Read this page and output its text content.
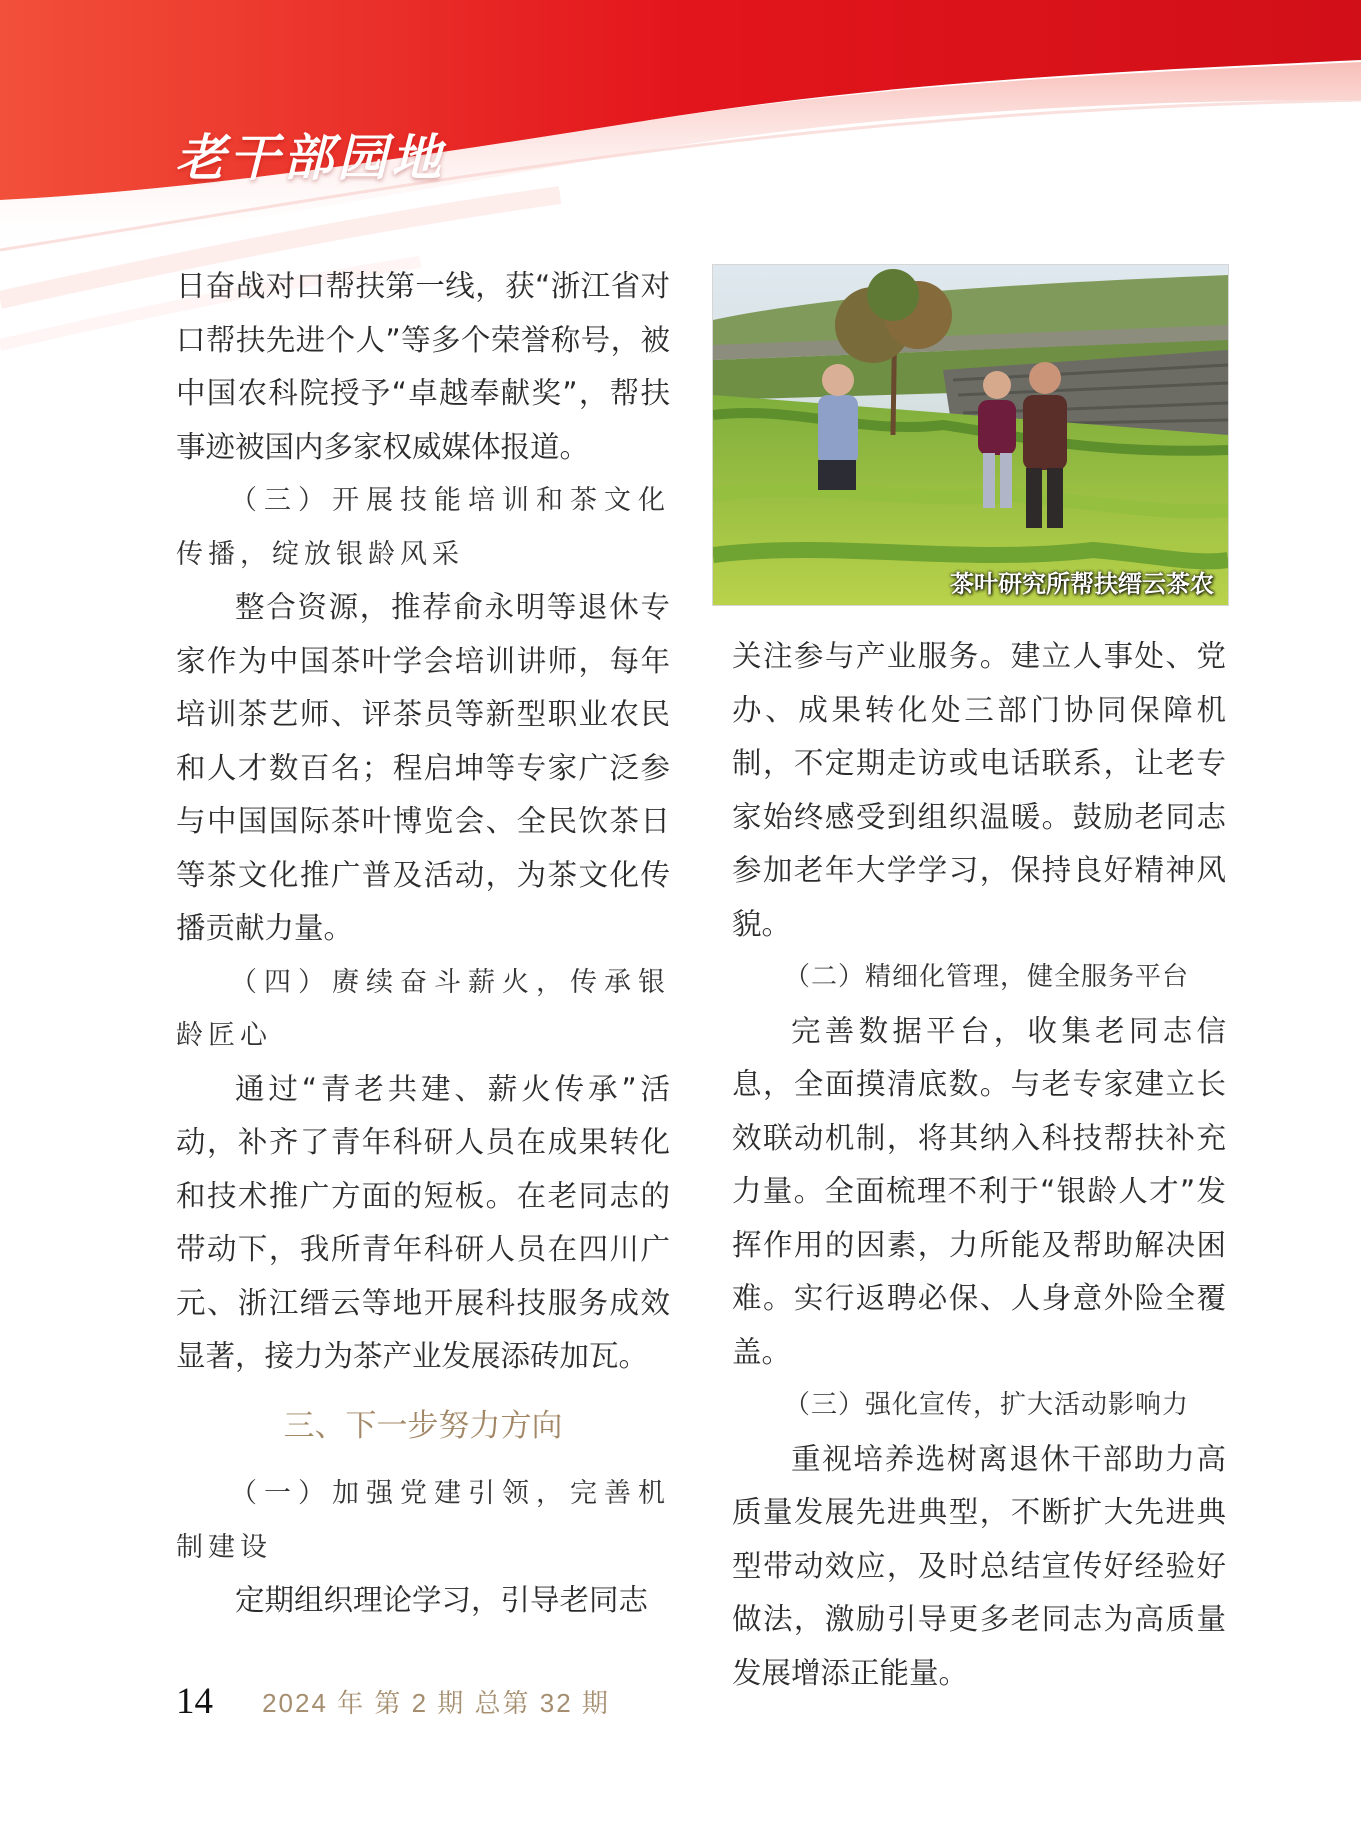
老干部园地

日奋战对口帮扶第一线，获“浙江省对口帮扶先进个人”等多个荣誉称号，被中国农科院授予“卓越奉献奖”，帮扶事迹被国内多家权威媒体报道。

（三）开展技能培训和茶文化传播，绽放银龄风采

整合资源，推荐俞永明等退休专家作为中国茶叶学会培训讲师，每年培训茶艺师、评茶员等新型职业农民和人才数百名；程启坤等专家广泛参与中国国际茶叶博览会、全民饮茶日等茶文化推广普及活动，为茶文化传播贡献力量。

（四）赓续奋斗薪火，传承银龄匠心

通过“青老共建、薪火传承”活动，补齐了青年科研人员在成果转化和技术推广方面的短板。在老同志的带动下，我所青年科研人员在四川广元、浙江缙云等地开展科技服务成效显著，接力为茶产业发展添砖加瓦。

三、下一步努力方向

（一）加强党建引领，完善机制建设

定期组织理论学习，引导老同志

茶叶研究所帮扶缙云茶农

关注参与产业服务。建立人事处、党办、成果转化处三部门协同保障机制，不定期走访或电话联系，让老专家始终感受到组织温暖。鼓励老同志参加老年大学学习，保持良好精神风貌。

（二）精细化管理，健全服务平台

完善数据平台，收集老同志信息，全面摸清底数。与老专家建立长效联动机制，将其纳入科技帮扶补充力量。全面梳理不利于“银龄人才”发挥作用的因素，力所能及帮助解决困难。实行返聘必保、人身意外险全覆盖。

（三）强化宣传，扩大活动影响力

重视培养选树离退休干部助力高质量发展先进典型，不断扩大先进典型带动效应，及时总结宣传好经验好做法，激励引导更多老同志为高质量发展增添正能量。

14 2024 年 第 2 期 总第 32 期
